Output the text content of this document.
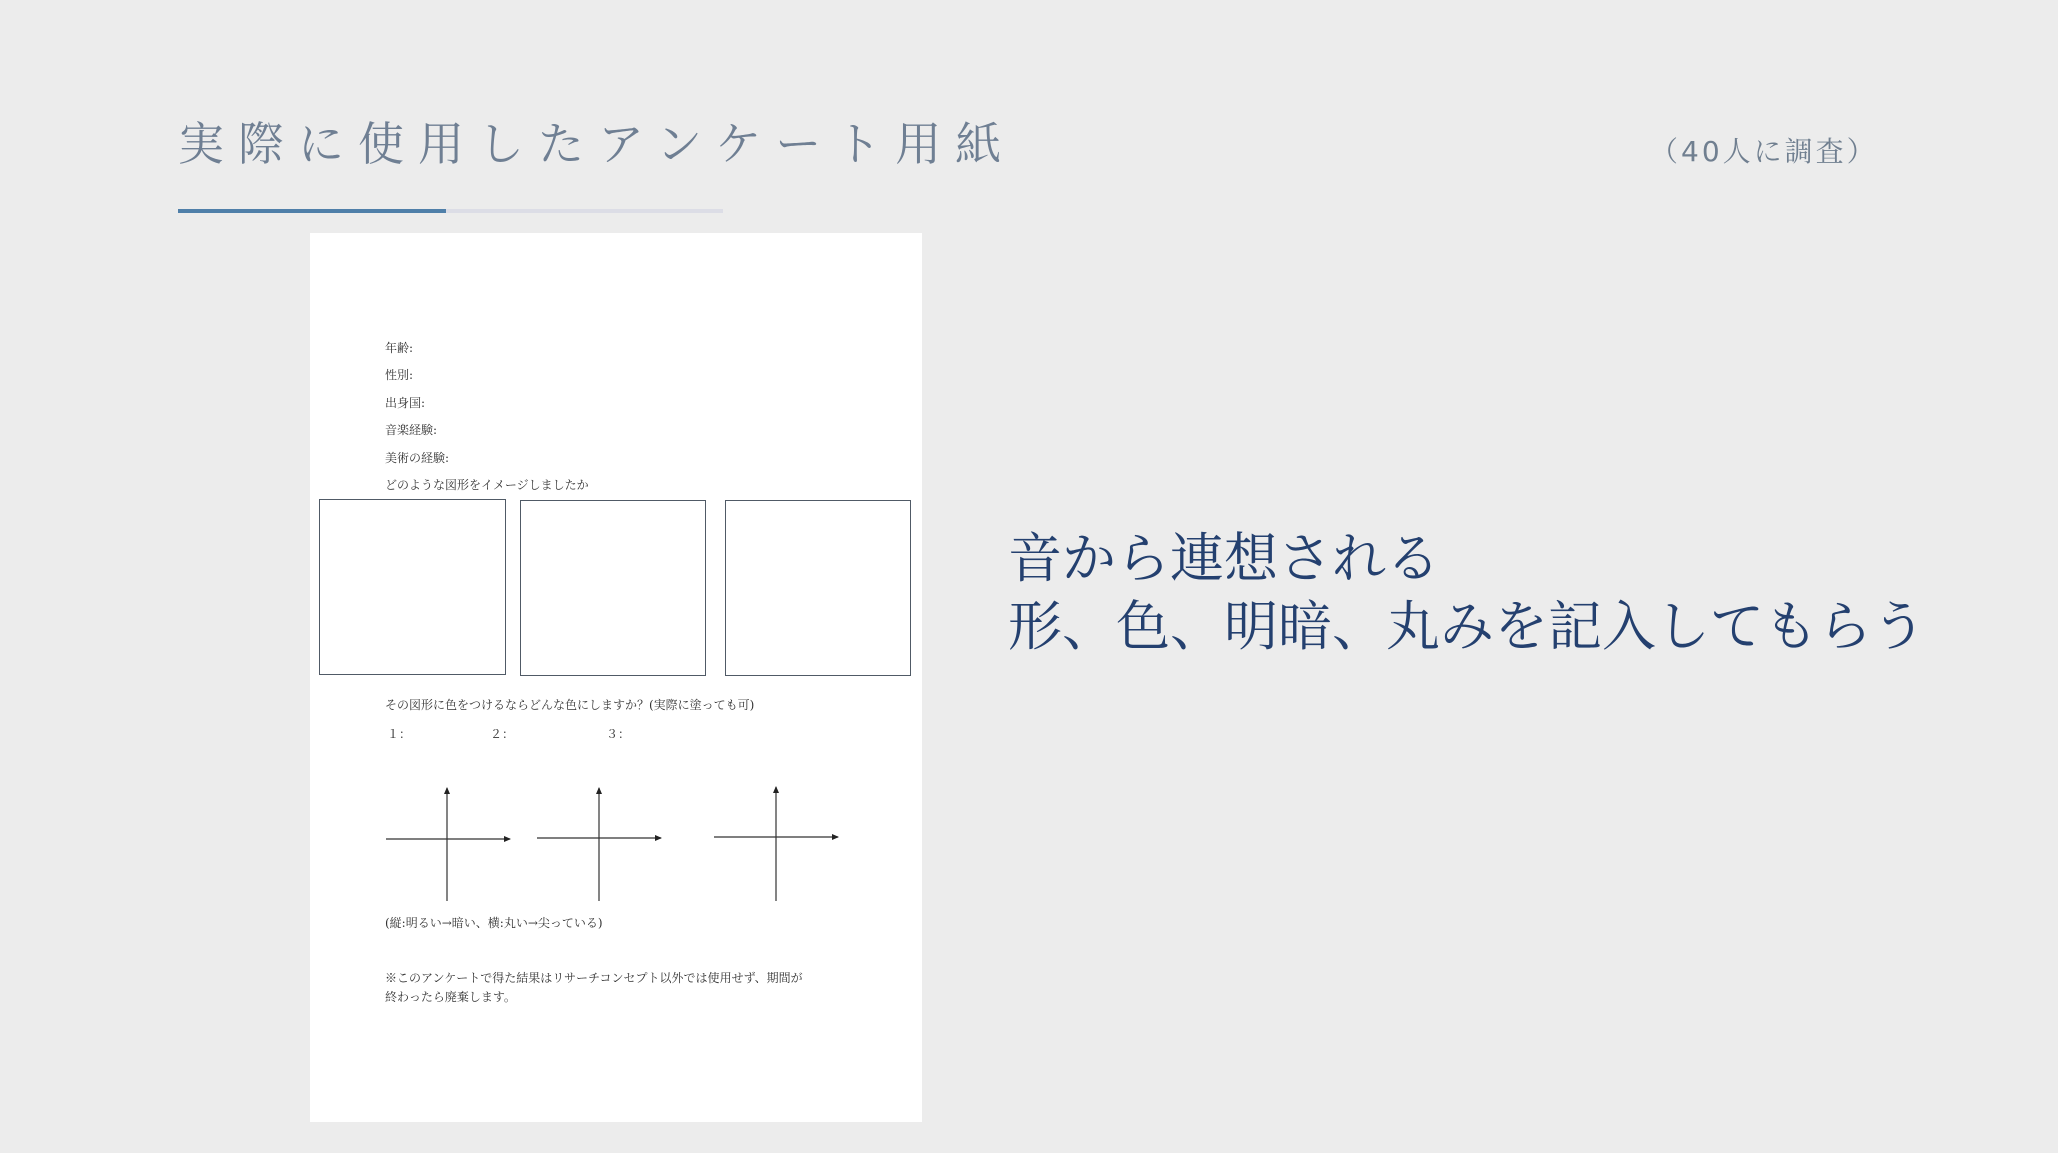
実際に使用したアンケート用紙	（40人に調査）
年齢:
性別:
出身国:
音楽経験:
美術の経験:
どのような図形をイメージしましたか
その図形に色をつけるならどんな色にしますか？(実際に塗っても可)
１：	２：	３：
(縦:明るい→暗い、横:丸い→尖っている)
※このアンケートで得た結果はリサーチコンセプト以外では使用せず、期間が
終わったら廃棄します。
音から連想される
形、色、明暗、丸みを記入してもらう
